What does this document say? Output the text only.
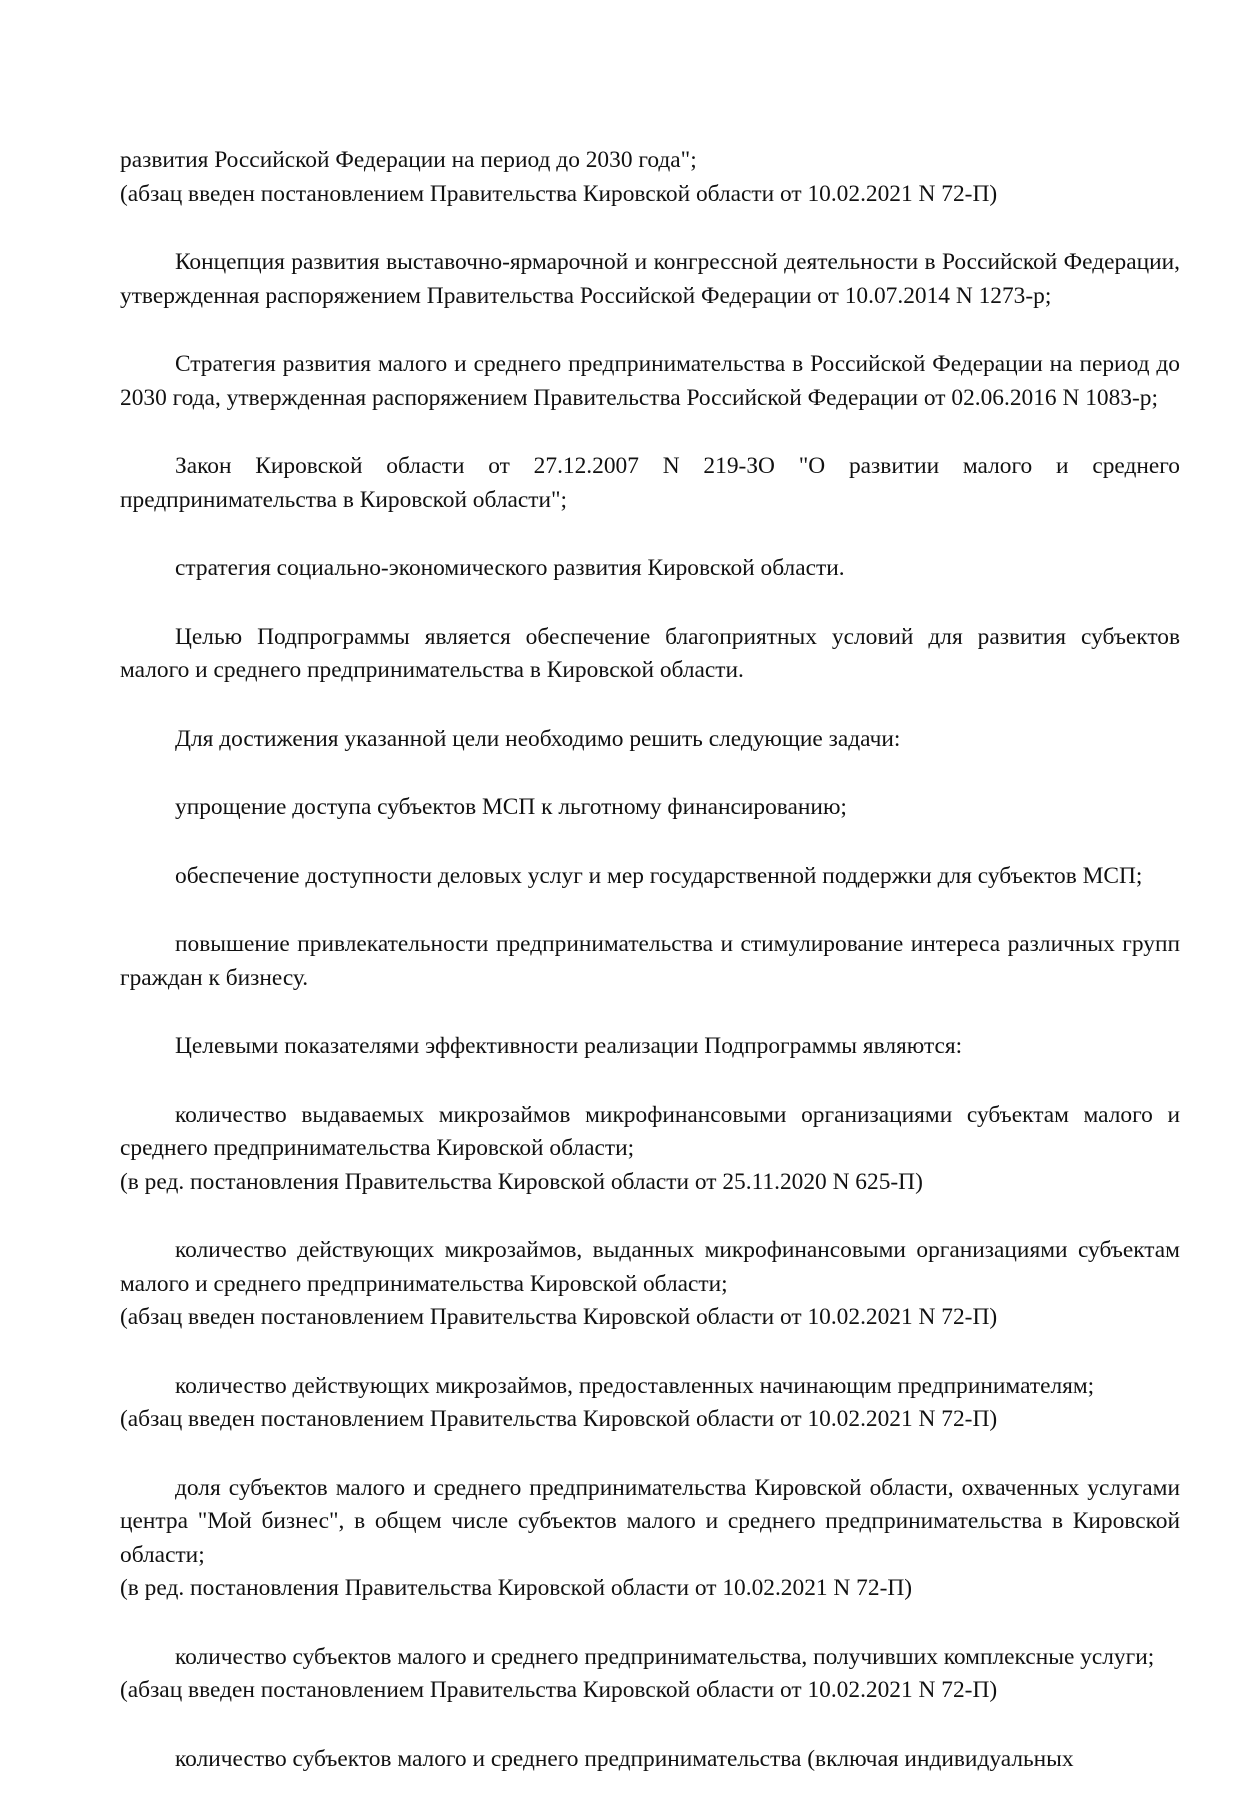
развития Российской Федерации на период до 2030 года";

(абзац введен постановлением Правительства Кировской области от 10.02.2021 N 72-П)

Концепция развития выставочно-ярмарочной и конгрессной деятельности в Российской Федерации, утвержденная распоряжением Правительства Российской Федерации от 10.07.2014 N 1273-р;

Стратегия развития малого и среднего предпринимательства в Российской Федерации на период до 2030 года, утвержденная распоряжением Правительства Российской Федерации от 02.06.2016 N 1083-р;

Закон Кировской области от 27.12.2007 N 219-ЗО "О развитии малого и среднего предпринимательства в Кировской области";

стратегия социально-экономического развития Кировской области.

Целью Подпрограммы является обеспечение благоприятных условий для развития субъектов малого и среднего предпринимательства в Кировской области.

Для достижения указанной цели необходимо решить следующие задачи:

упрощение доступа субъектов МСП к льготному финансированию;

обеспечение доступности деловых услуг и мер государственной поддержки для субъектов МСП;

повышение привлекательности предпринимательства и стимулирование интереса различных групп граждан к бизнесу.

Целевыми показателями эффективности реализации Подпрограммы являются:

количество выдаваемых микрозаймов микрофинансовыми организациями субъектам малого и среднего предпринимательства Кировской области;

(в ред. постановления Правительства Кировской области от 25.11.2020 N 625-П)

количество действующих микрозаймов, выданных микрофинансовыми организациями субъектам малого и среднего предпринимательства Кировской области;

(абзац введен постановлением Правительства Кировской области от 10.02.2021 N 72-П)

количество действующих микрозаймов, предоставленных начинающим предпринимателям;

(абзац введен постановлением Правительства Кировской области от 10.02.2021 N 72-П)

доля субъектов малого и среднего предпринимательства Кировской области, охваченных услугами центра "Мой бизнес", в общем числе субъектов малого и среднего предпринимательства в Кировской области;

(в ред. постановления Правительства Кировской области от 10.02.2021 N 72-П)

количество субъектов малого и среднего предпринимательства, получивших комплексные услуги;

(абзац введен постановлением Правительства Кировской области от 10.02.2021 N 72-П)

количество субъектов малого и среднего предпринимательства (включая индивидуальных
